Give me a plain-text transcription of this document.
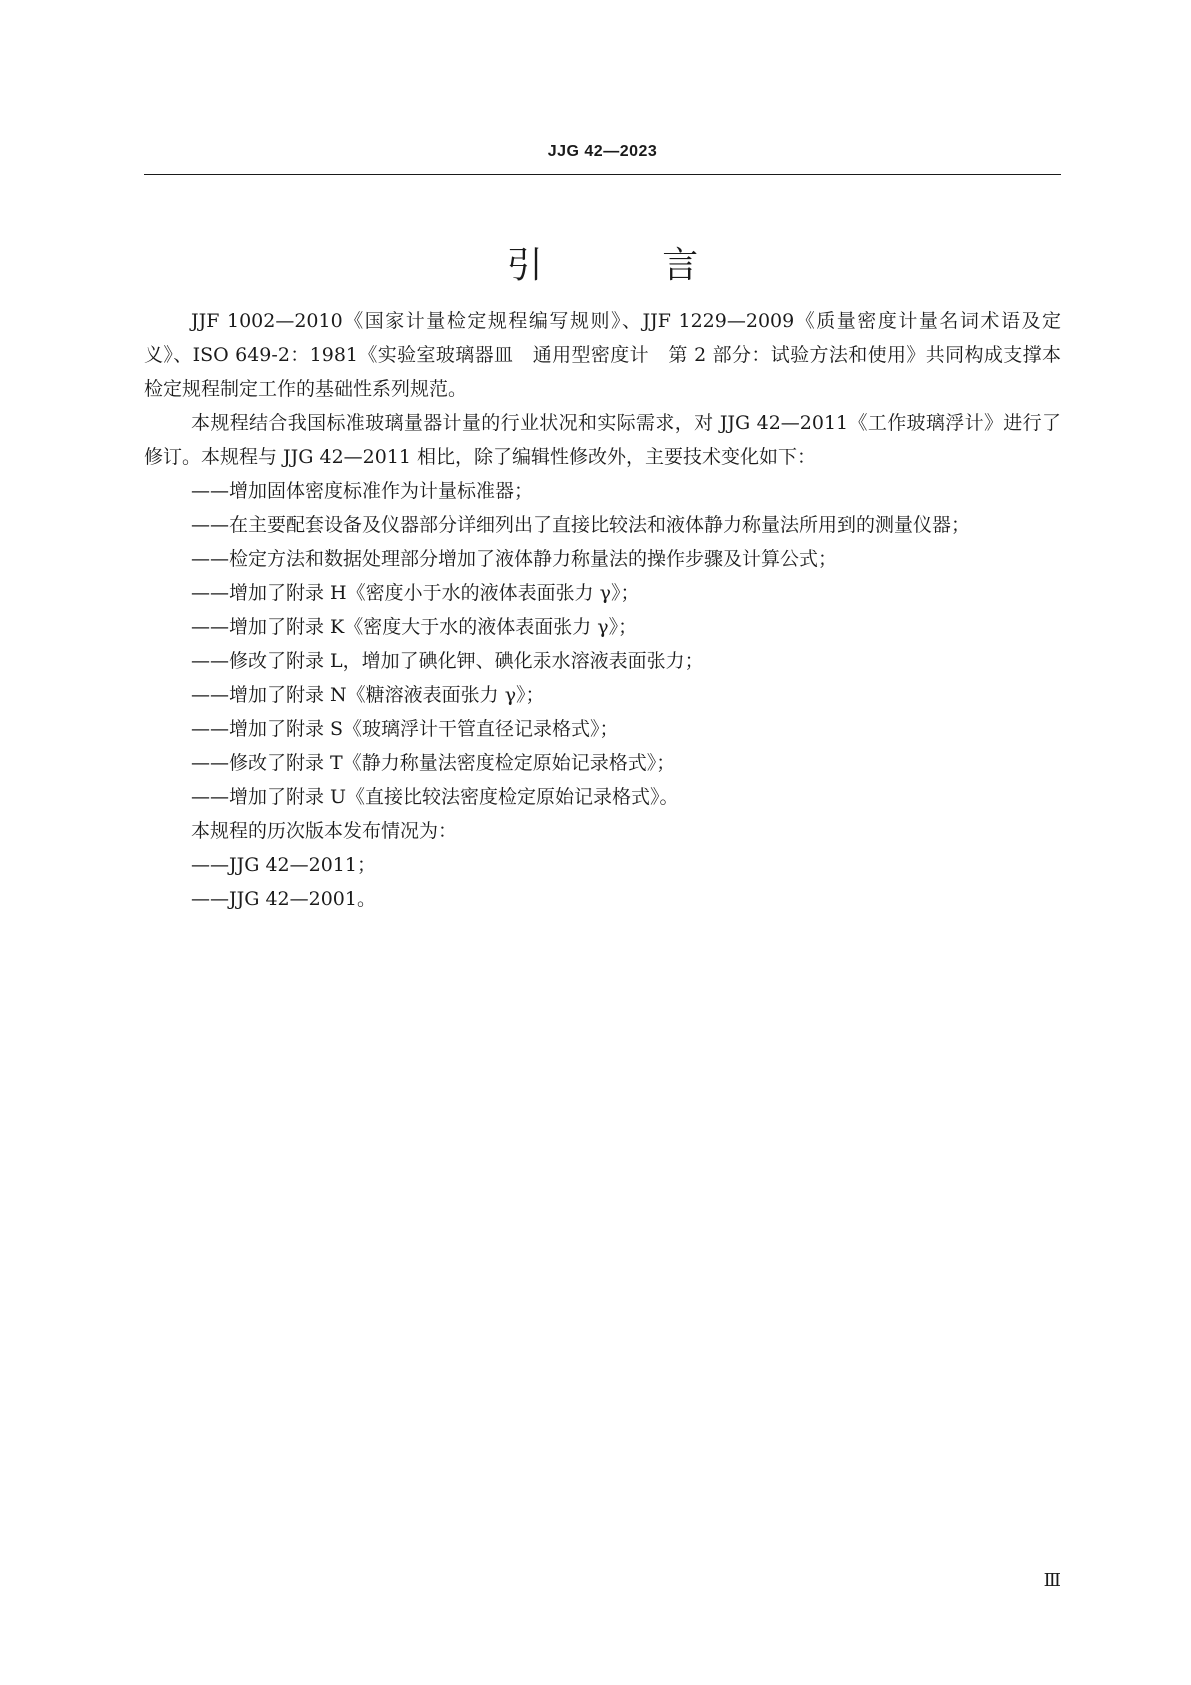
JJG 42—2023
引 言

JJF 1002—2010《国家计量检定规程编写规则》、JJF 1229—2009《质量密度计量名词术语及定义》、ISO 649-2：1981《实验室玻璃器皿　通用型密度计　第 2 部分：试验方法和使用》共同构成支撑本检定规程制定工作的基础性系列规范。

本规程结合我国标准玻璃量器计量的行业状况和实际需求，对 JJG 42—2011《工作玻璃浮计》进行了修订。本规程与 JJG 42—2011 相比，除了编辑性修改外，主要技术变化如下：

——增加固体密度标准作为计量标准器；

——在主要配套设备及仪器部分详细列出了直接比较法和液体静力称量法所用到的测量仪器；

——检定方法和数据处理部分增加了液体静力称量法的操作步骤及计算公式；

——增加了附录 H《密度小于水的液体表面张力 γ》；

——增加了附录 K《密度大于水的液体表面张力 γ》；

——修改了附录 L，增加了碘化钾、碘化汞水溶液表面张力；

——增加了附录 N《糖溶液表面张力 γ》；

——增加了附录 S《玻璃浮计干管直径记录格式》；

——修改了附录 T《静力称量法密度检定原始记录格式》；

——增加了附录 U《直接比较法密度检定原始记录格式》。

本规程的历次版本发布情况为：

——JJG 42—2011；

——JJG 42—2001。

Ⅲ
